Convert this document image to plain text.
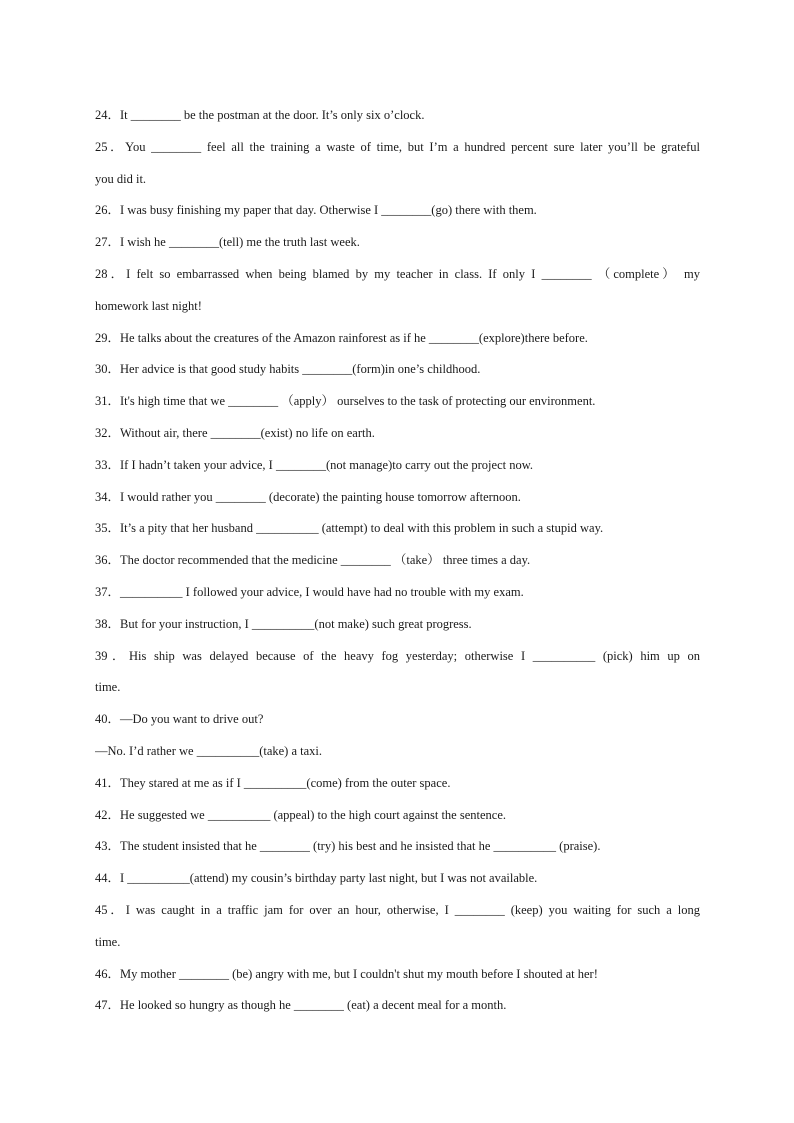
24．It ________ be the postman at the door. It’s only six o’clock.
25．You ________ feel all the training a waste of time, but I’m a hundred percent sure later you’ll be grateful
you did it.
26．I was busy finishing my paper that day. Otherwise I ________(go) there with them.
27．I wish he ________(tell) me the truth last week.
28．I felt so embarrassed when being blamed by my teacher in class. If only I ________ （complete） my
homework last night!
29．He talks about the creatures of the Amazon rainforest as if he ________(explore)there before.
30．Her advice is that good study habits ________(form)in one’s childhood.
31．It's high time that we ________ （apply） ourselves to the task of protecting our environment.
32．Without air, there ________(exist) no life on earth.
33．If I hadn’t taken your advice, I ________(not manage)to carry out the project now.
34．I would rather you ________ (decorate) the painting house tomorrow afternoon.
35．It’s a pity that her husband __________ (attempt) to deal with this problem in such a stupid way.
36．The doctor recommended that the medicine ________ （take） three times a day.
37．__________ I followed your advice, I would have had no trouble with my exam.
38．But for your instruction, I __________(not make) such great progress.
39．His ship was delayed because of the heavy fog yesterday; otherwise I __________ (pick) him up on
time.
40．—Do you want to drive out?
—No. I’d rather we __________(take) a taxi.
41．They stared at me as if I __________(come) from the outer space.
42．He suggested we __________ (appeal) to the high court against the sentence.
43．The student insisted that he ________ (try) his best and he insisted that he __________ (praise).
44．I __________(attend) my cousin’s birthday party last night, but I was not available.
45．I was caught in a traffic jam for over an hour, otherwise, I ________ (keep) you waiting for such a long
time.
46．My mother ________ (be) angry with me, but I couldn't shut my mouth before I shouted at her!
47．He looked so hungry as though he ________ (eat) a decent meal for a month.
